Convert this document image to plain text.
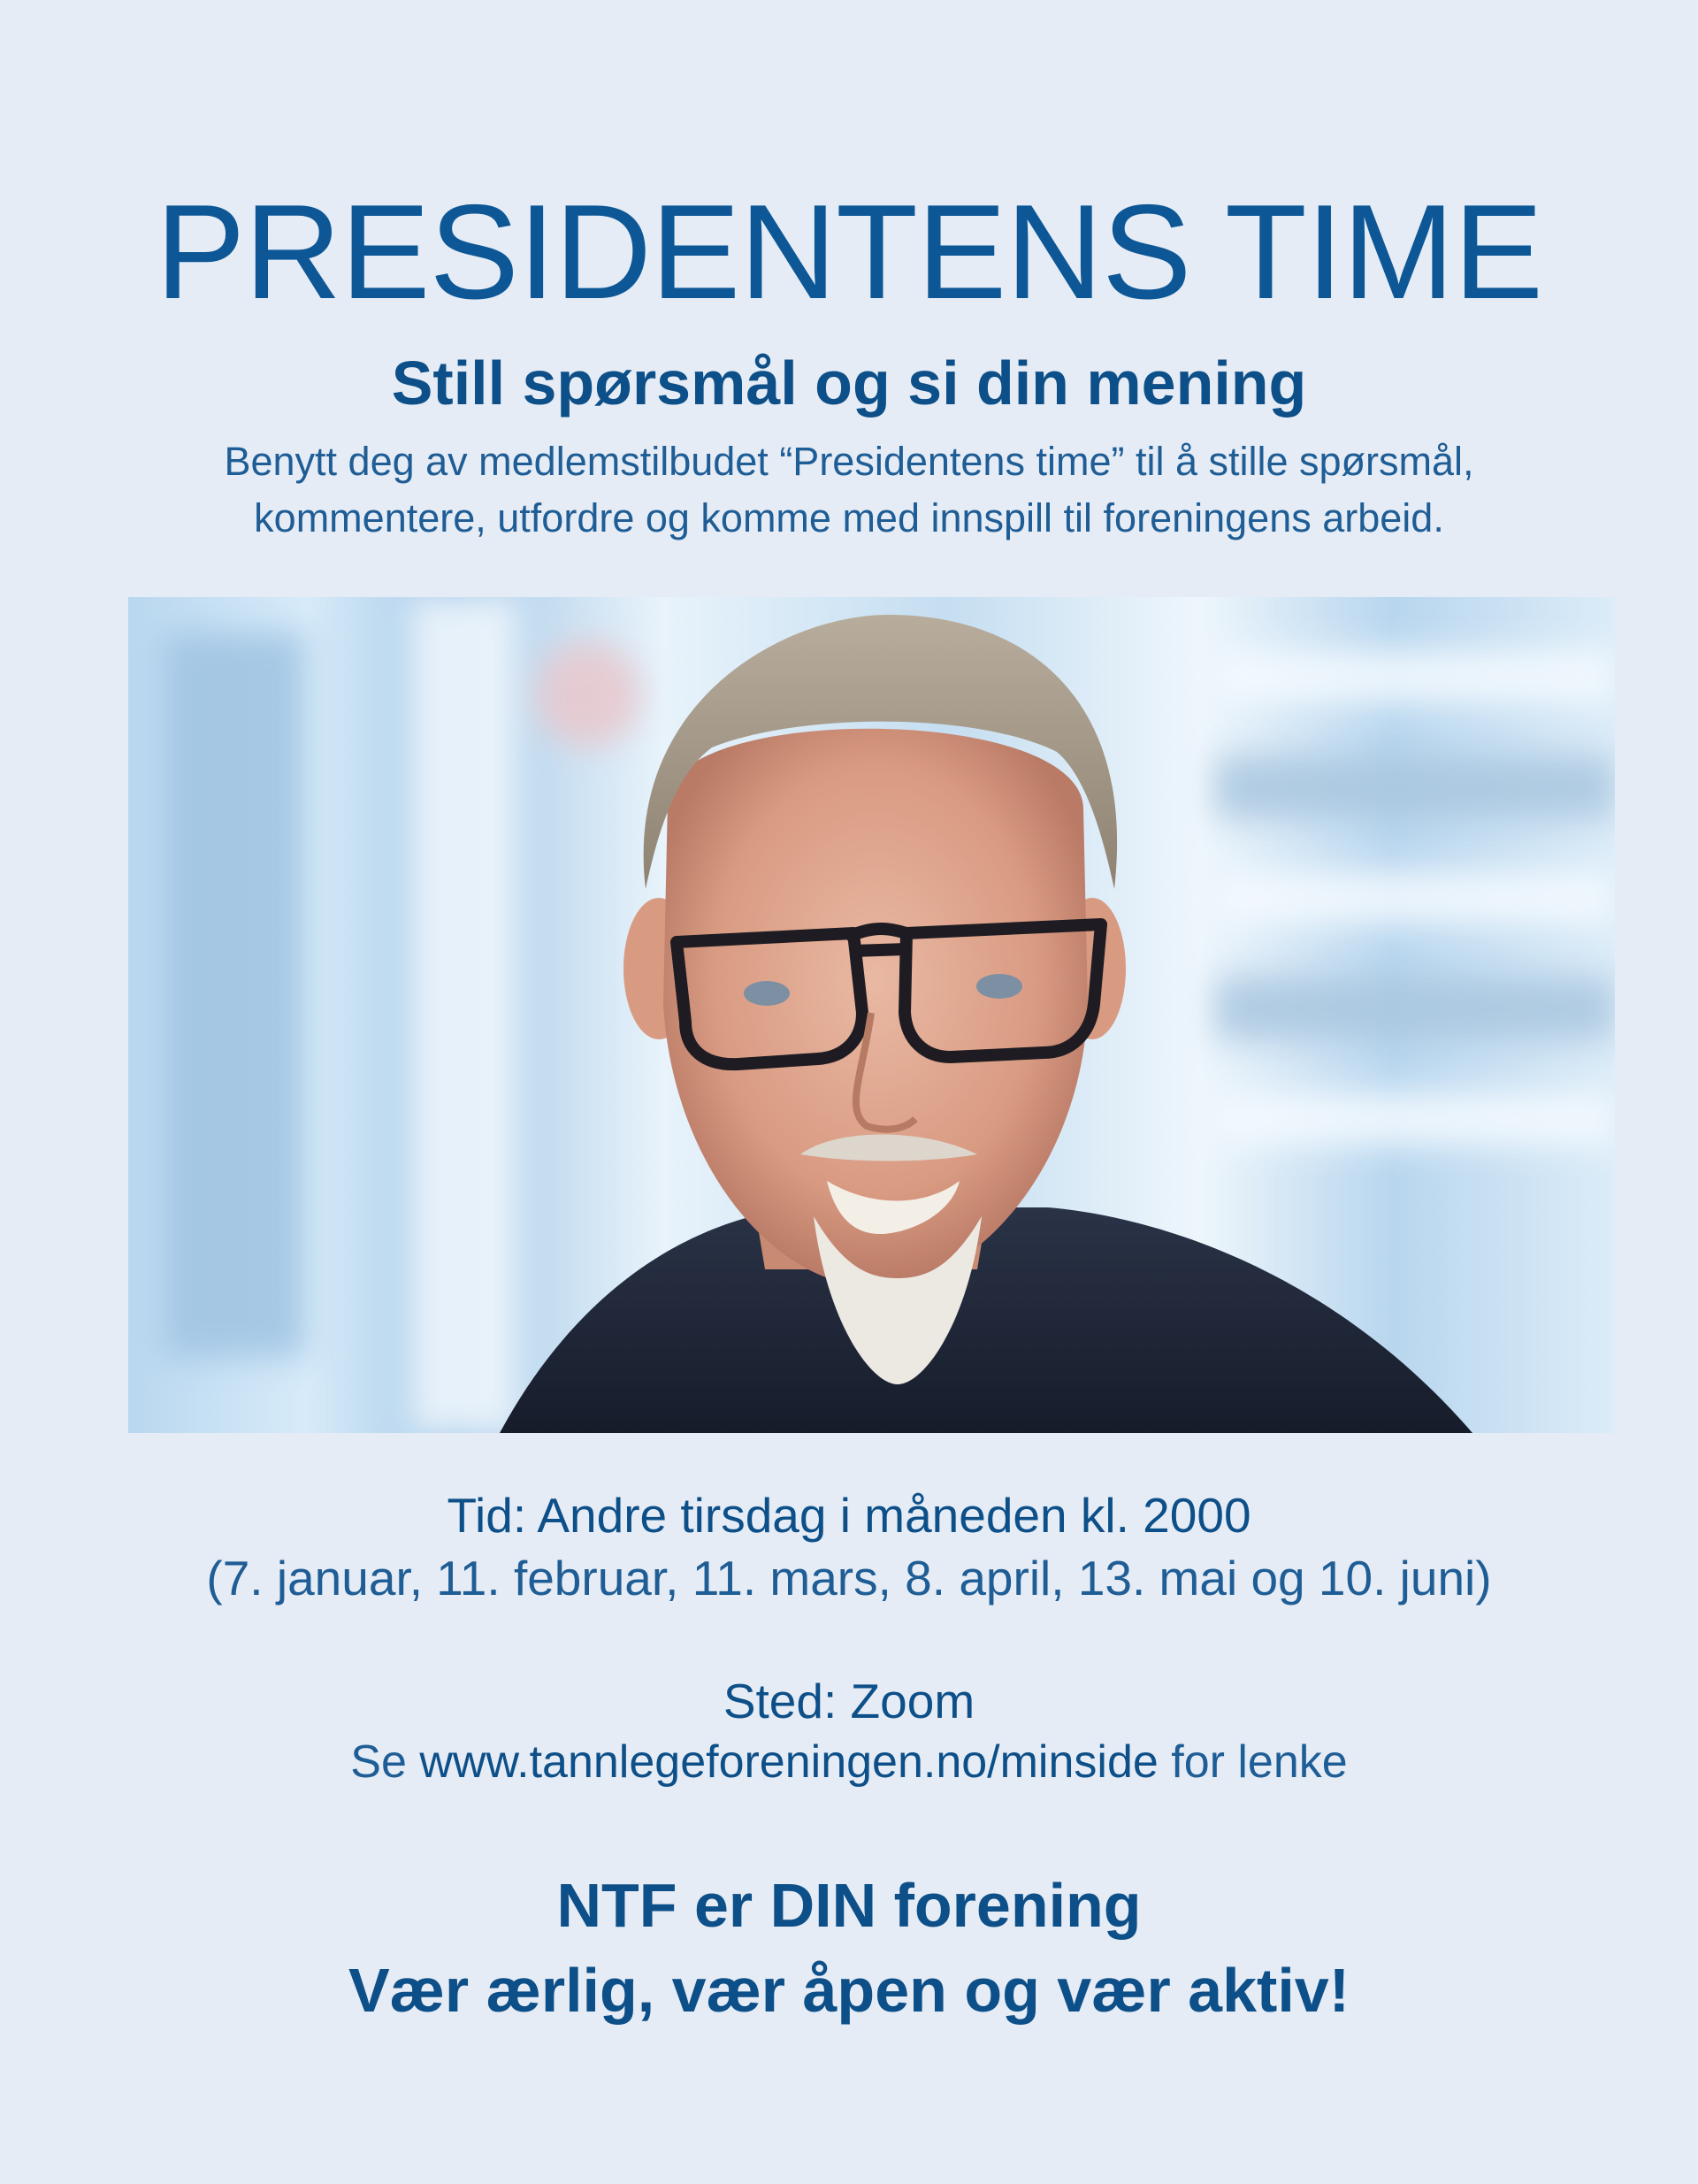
PRESIDENTENS TIME
Still spørsmål og si din mening

Benytt deg av medlemstilbudet “Presidentens time” til å stille spørsmål,

kommentere, utfordre og komme med innspill til foreningens arbeid.

Tid: Andre tirsdag i måneden kl. 2000
(7. januar, 11. februar, 11. mars, 8. april, 13. mai og 10. juni)
Sted: Zoom
Se www.tannlegeforeningen.no/minside for lenke
NTF er DIN forening
Vær ærlig, vær åpen og vær aktiv!
